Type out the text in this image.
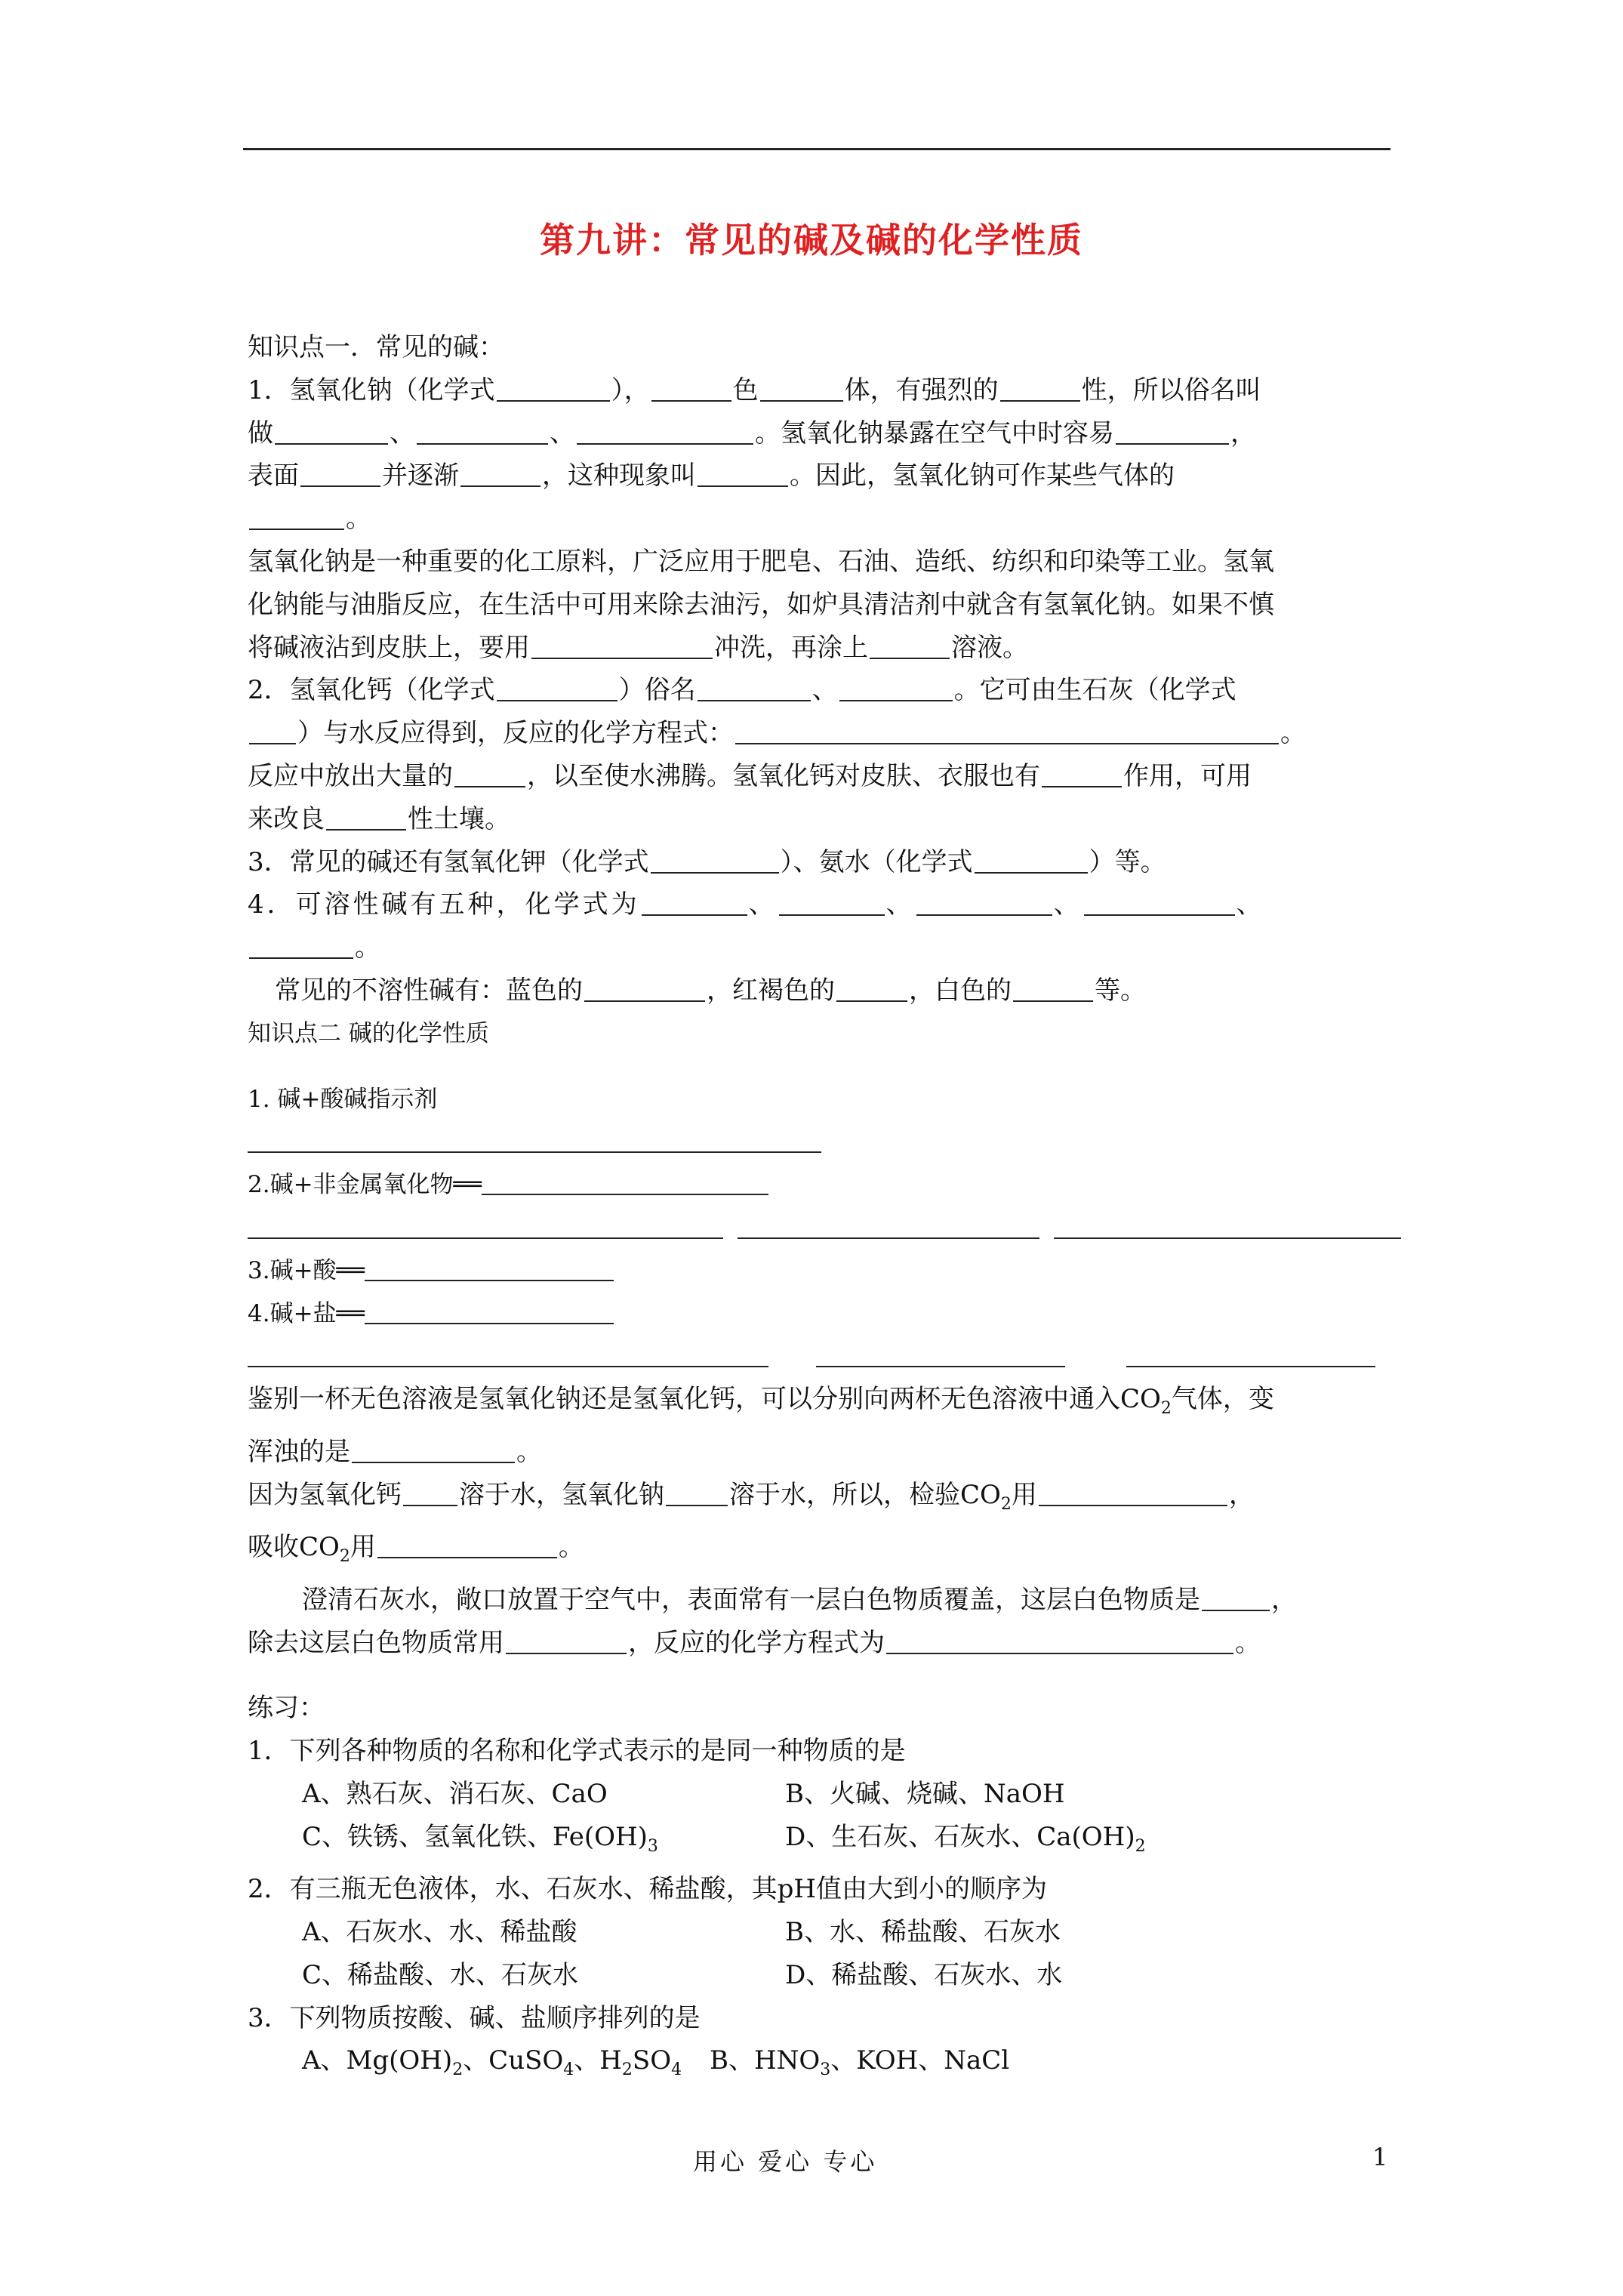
第九讲：常见的碱及碱的化学性质
知识点一．常见的碱：
1．氢氧化钠（化学式	），	色	体，有强烈的	性，所以俗名叫
做	、	、	。氢氧化钠暴露在空气中时容易	，
表面	并逐渐	，这种现象叫	。因此，氢氧化钠可作某些气体的
。
氢氧化钠是一种重要的化工原料，广泛应用于肥皂、石油、造纸、纺织和印染等工业。氢氧
化钠能与油脂反应，在生活中可用来除去油污，如炉具清洁剂中就含有氢氧化钠。如果不慎
将碱液沾到皮肤上，要用	冲洗，再涂上	溶液。
2．氢氧化钙（化学式	）俗名	、	。它可由生石灰（化学式
）与水反应得到，反应的化学方程式：	。
反应中放出大量的	，以至使水沸腾。氢氧化钙对皮肤、衣服也有	作用，可用
来改良	性土壤。
3．常见的碱还有氢氧化钾（化学式	）、氨水（化学式	）等。
4．可溶性碱有五种，化学式为	、	、	、	、
。
常见的不溶性碱有：蓝色的	，红褐色的	，白色的	等。
知识点二 碱的化学性质
1. 碱+酸碱指示剂
2.碱+非金属氧化物══

3.碱+酸══
4.碱+盐══

鉴别一杯无色溶液是氢氧化钠还是氢氧化钙，可以分别向两杯无色溶液中通入$CO_2$气体，变
浑浊的是	。
因为氢氧化钙 溶于水，氢氧化钠	溶于水，所以，检验$CO_2$用	，
吸收$CO_2$用	。
澄清石灰水，敞口放置于空气中，表面常有一层白色物质覆盖，这层白色物质是	，
除去这层白色物质常用	，反应的化学方程式为	。
练习：
1．下列各种物质的名称和化学式表示的是同一种物质的是
A、熟石灰、消石灰、CaO	B、火碱、烧碱、NaOH
C、铁锈、氢氧化铁、$Fe(OH)_3$	D、生石灰、石灰水、$Ca(OH)_2$
2．有三瓶无色液体，水、石灰水、稀盐酸，其pH值由大到小的顺序为
A、石灰水、水、稀盐酸	B、水、稀盐酸、石灰水
C、稀盐酸、水、石灰水	D、稀盐酸、石灰水、水
3．下列物质按酸、碱、盐顺序排列的是
A、$Mg(OH)_2$、CuSO$_4$、$H_2SO_4$ B、$HNO_3$、KOH、NaCl
用心 爱心 专心	1
